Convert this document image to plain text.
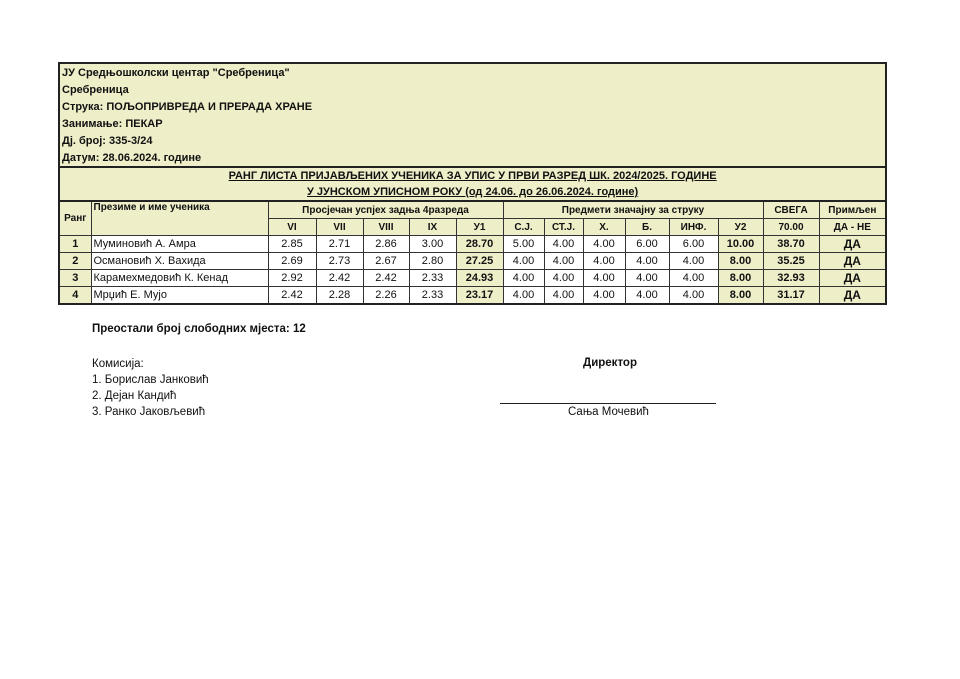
ЈУ Средњошколски центар "Сребреница"														
Сребреница														
Струка: ПОЉОПРИВРЕДА И ПРЕРАДА ХРАНЕ														
Занимање: ПЕКАР														
Дј. број: 335-3/24														
Датум: 28.06.2024. године														
РАНГ ЛИСТА ПРИЈАВЉЕНИХ УЧЕНИКА ЗА УПИС У ПРВИ РАЗРЕД ШК. 2024/2025. ГОДИНЕ														
У ЈУНСКОМ УПИСНОМ РОКУ (од 24.06. до 26.06.2024. године)														
Ранг	Презиме и име ученика	Просјечан успјех задња 4разреда					Предмети значајну за струку						СВЕГА	Примљен
		VI	VII	VIII	IX	У1	С.Ј.	СТ.Ј.	Х.	Б.	ИНФ.	У2	70.00	ДА - НЕ
1	Муминовић А. Амра	2.85	2.71	2.86	3.00	28.70	5.00	4.00	4.00	6.00	6.00	10.00	38.70	ДА
2	Османовић Х. Вахида	2.69	2.73	2.67	2.80	27.25	4.00	4.00	4.00	4.00	4.00	8.00	35.25	ДА
3	Карамехмедовић К. Кенад	2.92	2.42	2.42	2.33	24.93	4.00	4.00	4.00	4.00	4.00	8.00	32.93	ДА
4	Мрџић Е. Мујо	2.42	2.28	2.26	2.33	23.17	4.00	4.00	4.00	4.00	4.00	8.00	31.17	ДА
Преостали број слободних мјеста: 12
Комисија:
1. Борислав Јанковић
2. Дејан Кандић
3. Ранко Јаковљевић
Директор
Сања Мочевић
